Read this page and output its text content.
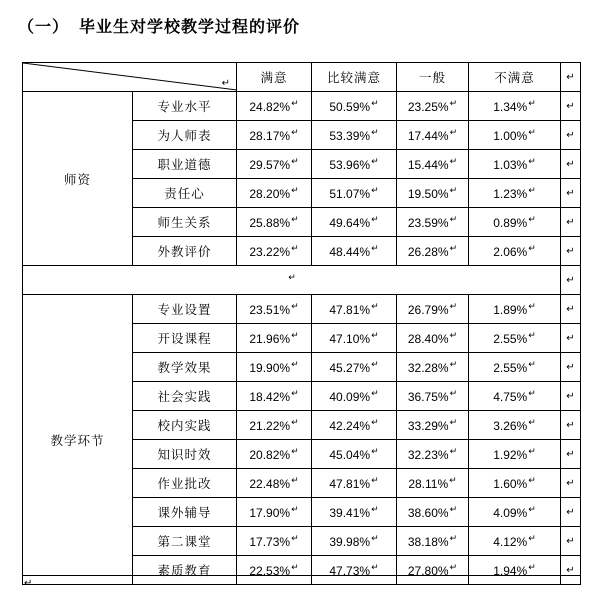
（一） 毕业生对学校教学过程的评价
↵		满意	比较满意	一般	不满意	↵
师资	专业水平	24.82%↵	50.59%↵	23.25%↵	1.34%↵	↵
	为人师表	28.17%↵	53.39%↵	17.44%↵	1.00%↵	↵
	职业道德	29.57%↵	53.96%↵	15.44%↵	1.03%↵	↵
	责任心	28.20%↵	51.07%↵	19.50%↵	1.23%↵	↵
	师生关系	25.88%↵	49.64%↵	23.59%↵	0.89%↵	↵
	外教评价	23.22%↵	48.44%↵	26.28%↵	2.06%↵	↵
↵						↵
教学环节	专业设置	23.51%↵	47.81%↵	26.79%↵	1.89%↵	↵
	开设课程	21.96%↵	47.10%↵	28.40%↵	2.55%↵	↵
	教学效果	19.90%↵	45.27%↵	32.28%↵	2.55%↵	↵
	社会实践	18.42%↵	40.09%↵	36.75%↵	4.75%↵	↵
	校内实践	21.22%↵	42.24%↵	33.29%↵	3.26%↵	↵
	知识时效	20.82%↵	45.04%↵	32.23%↵	1.92%↵	↵
	作业批改	22.48%↵	47.81%↵	28.11%↵	1.60%↵	↵
	课外辅导	17.90%↵	39.41%↵	38.60%↵	4.09%↵	↵
	第二课堂	17.73%↵	39.98%↵	38.18%↵	4.12%↵	↵
	素质教育	22.53%↵	47.73%↵	27.80%↵	1.94%↵	↵
↵
